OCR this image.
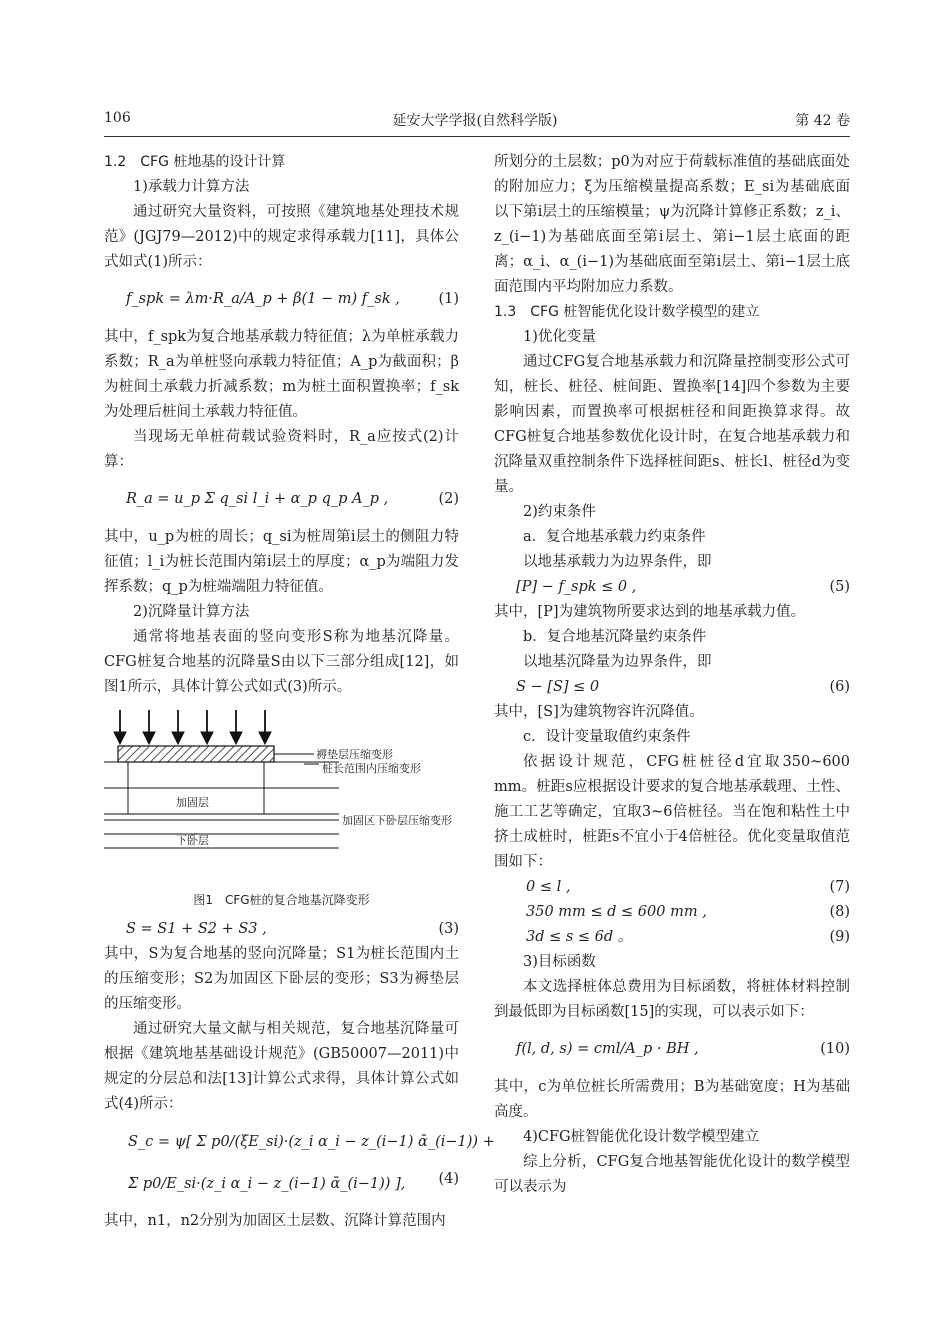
106	延安大学学报(自然科学版)	第 42 卷

1.2　CFG 桩地基的设计计算

1)承载力计算方法

通过研究大量资料，可按照《建筑地基处理技术规范》(JGJ79—2012)中的规定求得承载力[11]，具体公式如式(1)所示：

f_spk = λm·R_a/A_p + β(1 − m) f_sk ,	(1)

其中，f_spk为复合地基承载力特征值；λ为单桩承载力系数；R_a为单桩竖向承载力特征值；A_p为截面积；β为桩间土承载力折减系数；m为桩土面积置换率；f_sk为处理后桩间土承载力特征值。

当现场无单桩荷载试验资料时，R_a应按式(2)计算：

R_a = u_p Σ q_si l_i + α_p q_p A_p ,	(2)

其中，u_p为桩的周长；q_si为桩周第i层土的侧阻力特征值；l_i为桩长范围内第i层土的厚度；α_p为端阻力发挥系数；q_p为桩端端阻力特征值。

2)沉降量计算方法

通常将地基表面的竖向变形S称为地基沉降量。CFG桩复合地基的沉降量S由以下三部分组成[12]，如图1所示，具体计算公式如式(3)所示。

加固层
褥垫层压缩变形
桩长范围内压缩变形
加固区下卧层压缩变形
下卧层

图1　CFG桩的复合地基沉降变形

S = S1 + S2 + S3 ,	(3)

其中，S为复合地基的竖向沉降量；S1为桩长范围内土的压缩变形；S2为加固区下卧层的变形；S3为褥垫层的压缩变形。

通过研究大量文献与相关规范，复合地基沉降量可根据《建筑地基基础设计规范》(GB50007—2011)中规定的分层总和法[13]计算公式求得，具体计算公式如式(4)所示：

S_c = ψ[ Σ p0/(ξE_si)·(z_i α_i − z_(i−1) ᾱ_(i−1)) +
Σ p0/E_si·(z_i α_i − z_(i−1) ᾱ_(i−1)) ],	(4)

其中，n1，n2分别为加固区土层数、沉降计算范围内

所划分的土层数；p0为对应于荷载标准值的基础底面处的附加应力；ξ为压缩模量提高系数；E_si为基础底面以下第i层土的压缩模量；ψ为沉降计算修正系数；z_i、z_(i−1)为基础底面至第i层土、第i−1层土底面的距离；α_i、α_(i−1)为基础底面至第i层土、第i−1层土底面范围内平均附加应力系数。

1.3　CFG 桩智能优化设计数学模型的建立

1)优化变量

通过CFG复合地基承载力和沉降量控制变形公式可知，桩长、桩径、桩间距、置换率[14]四个参数为主要影响因素，而置换率可根据桩径和间距换算求得。故CFG桩复合地基参数优化设计时，在复合地基承载力和沉降量双重控制条件下选择桩间距s、桩长l、桩径d为变量。

2)约束条件

a．复合地基承载力约束条件

以地基承载力为边界条件，即

[P] − f_spk ≤ 0 ,	(5)

其中，[P]为建筑物所要求达到的地基承载力值。

b．复合地基沉降量约束条件

以地基沉降量为边界条件，即

S − [S] ≤ 0	(6)

其中，[S]为建筑物容许沉降值。

c．设计变量取值约束条件

依据设计规范，CFG桩桩径d宜取350~600 mm。桩距s应根据设计要求的复合地基承载理、土性、施工工艺等确定，宜取3~6倍桩径。当在饱和粘性土中挤土成桩时，桩距s不宜小于4倍桩径。优化变量取值范围如下：

0 ≤ l ,	(7)
350 mm ≤ d ≤ 600 mm ,	(8)
3d ≤ s ≤ 6d 。	(9)

3)目标函数

本文选择桩体总费用为目标函数，将桩体材料控制到最低即为目标函数[15]的实现，可以表示如下：

f(l, d, s) = cml/A_p · BH ,	(10)

其中，c为单位桩长所需费用；B为基础宽度；H为基础高度。

4)CFG桩智能优化设计数学模型建立

综上分析，CFG复合地基智能优化设计的数学模型可以表示为
